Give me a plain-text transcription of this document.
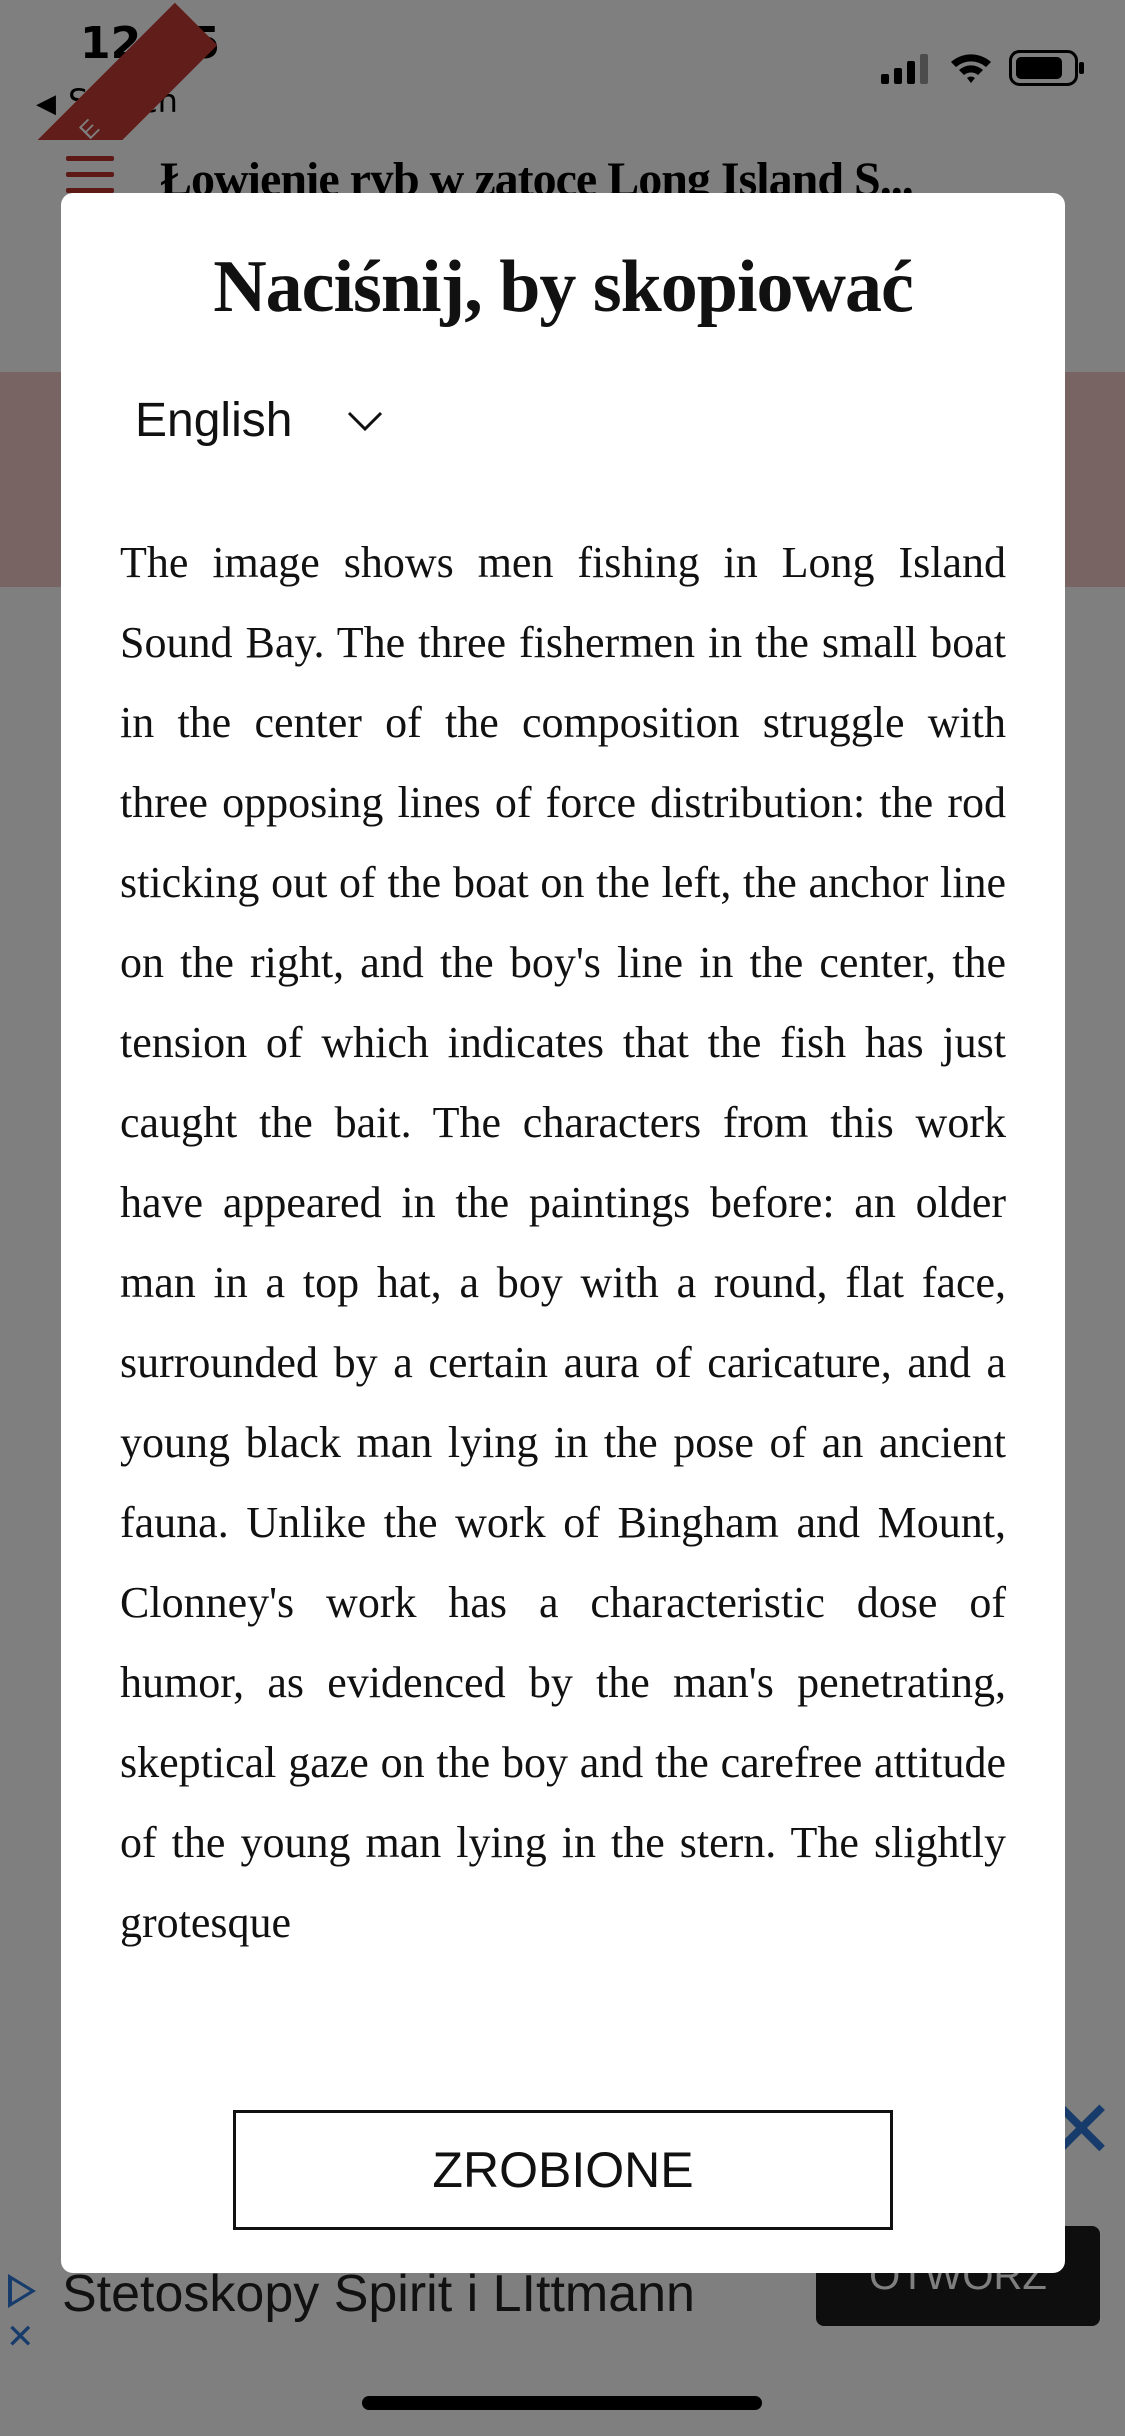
Naciśnij, by skopiować
English
The image shows men fishing in Long Island Sound Bay. The three fishermen in the small boat in the center of the composition struggle with three opposing lines of force distribution: the rod sticking out of the boat on the left, the anchor line on the right, and the boy's line in the center, the tension of which indicates that the fish has just caught the bait. The characters from this work have appeared in the paintings before: an older man in a top hat, a boy with a round, flat face, surrounded by a certain aura of caricature, and a young black man lying in the pose of an ancient fauna. Unlike the work of Bingham and Mount, Clonney's work has a characteristic dose of humor, as evidenced by the man's penetrating, skeptical gaze on the boy and the carefree attitude of the young man lying in the stern. The slightly grotesque
ZROBIONE
